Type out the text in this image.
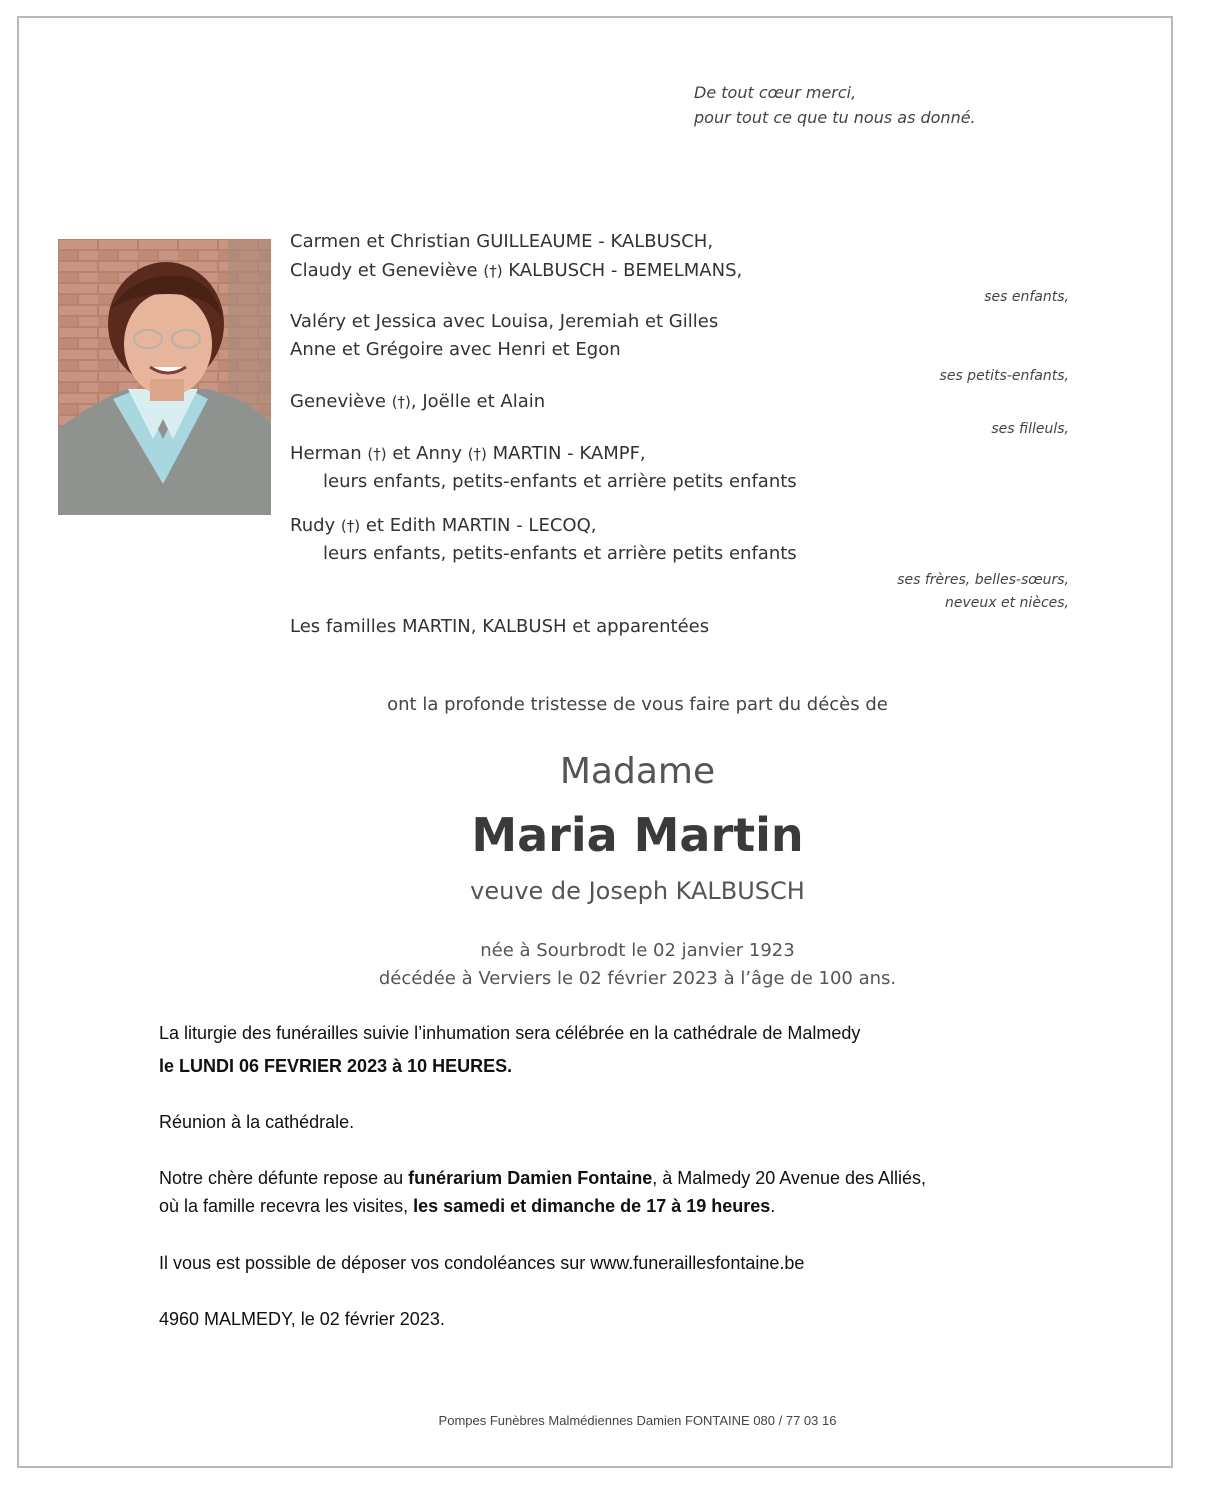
De tout cœur merci,
pour tout ce que tu nous as donné.
Carmen et Christian GUILLEAUME - KALBUSCH,
Claudy et Geneviève (†) KALBUSCH - BEMELMANS,
ses enfants,
Valéry et Jessica avec Louisa, Jeremiah et Gilles
Anne et Grégoire avec Henri et Egon
ses petits-enfants,
Geneviève (†), Joëlle et Alain
ses filleuls,
Herman (†) et Anny (†) MARTIN - KAMPF,
leurs enfants, petits-enfants et arrière petits enfants
Rudy (†) et Edith MARTIN - LECOQ,
leurs enfants, petits-enfants et arrière petits enfants
ses frères, belles-sœurs,
neveux et nièces,
Les familles MARTIN, KALBUSH et apparentées
ont la profonde tristesse de vous faire part du décès de
Madame
Maria Martin
veuve de Joseph KALBUSCH
née à Sourbrodt le 02 janvier 1923
décédée à Verviers le 02 février 2023 à l’âge de 100 ans.
La liturgie des funérailles suivie l’inhumation sera célébrée en la cathédrale de Malmedy
le LUNDI 06 FEVRIER 2023 à 10 HEURES.
Réunion à la cathédrale.
Notre chère défunte repose au funérarium Damien Fontaine, à Malmedy 20 Avenue des Alliés,
où la famille recevra les visites, les samedi et dimanche de 17 à 19 heures.
Il vous est possible de déposer vos condoléances sur www.funeraillesfontaine.be
4960 MALMEDY, le 02 février 2023.
Pompes Funèbres Malmédiennes Damien FONTAINE 080 / 77 03 16
